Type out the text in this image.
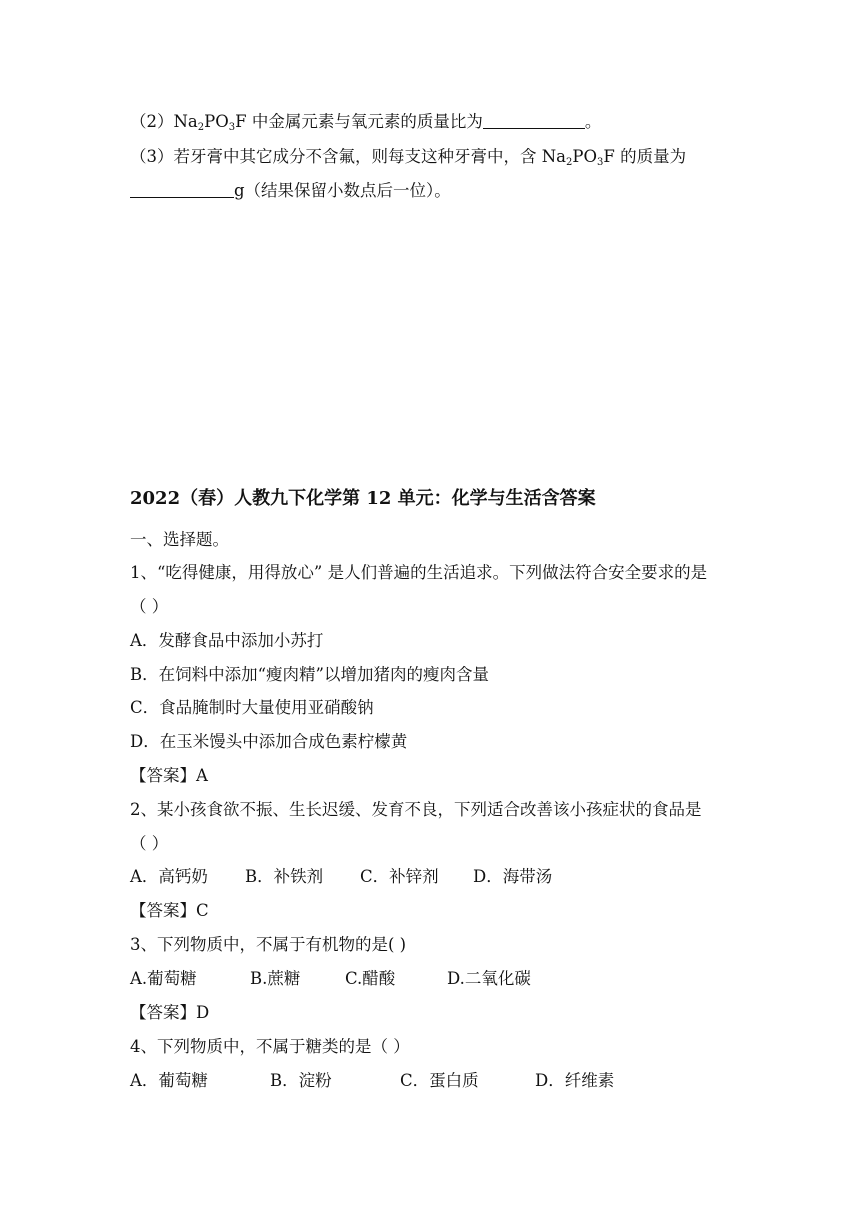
$(2)Na_2PO_3F$ 中金属元素与氧元素的质量比为	。
（3）若牙膏中其它成分不含氟，则每支这种牙膏中，含 $Na_2PO_3F$ 的质量为
g（结果保留小数点后一位）。
2022（春）人教九下化学第 12 单元：化学与生活含答案
一、选择题。
1、“吃得健康，用得放心” 是人们普遍的生活追求。下列做法符合安全要求的是
（ ）
A．发酵食品中添加小苏打
B．在饲料中添加“瘦肉精”以增加猪肉的瘦肉含量
C．食品腌制时大量使用亚硝酸钠
D．在玉米馒头中添加合成色素柠檬黄
【答案】A
2、某小孩食欲不振、生长迟缓、发育不良，下列适合改善该小孩症状的食品是
（ ）
A．高钙奶 B．补铁剂 C．补锌剂 D．海带汤
【答案】C
3、下列物质中，不属于有机物的是( )
A.葡萄糖	B.蔗糖	C.醋酸	D.二氧化碳
【答案】D
4、下列物质中，不属于糖类的是（ ）
A．葡萄糖	B．淀粉	C．蛋白质	D．纤维素
